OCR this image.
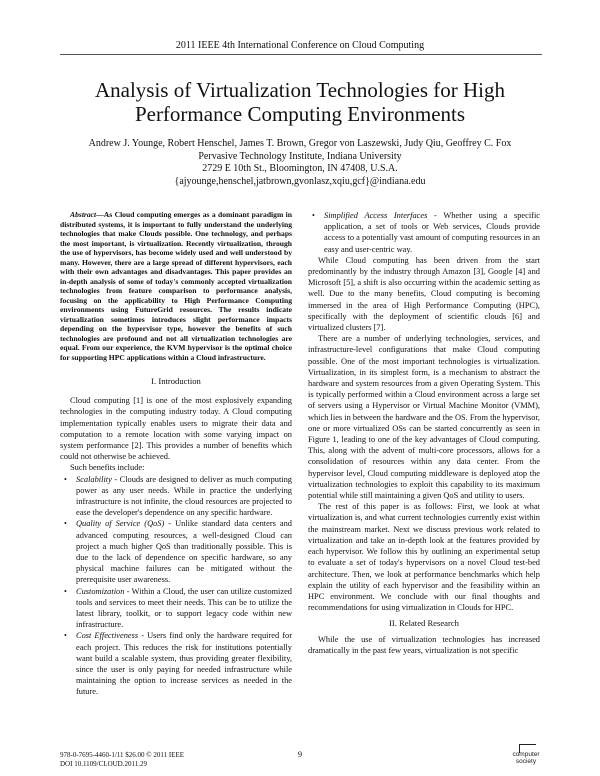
2011 IEEE 4th International Conference on Cloud Computing
Analysis of Virtualization Technologies for High
Performance Computing Environments
Andrew J. Younge, Robert Henschel, James T. Brown, Gregor von Laszewski, Judy Qiu, Geoffrey C. Fox
Pervasive Technology Institute, Indiana University
2729 E 10th St., Bloomington, IN 47408, U.S.A.
{ajyounge,henschel,jatbrown,gvonlasz,xqiu,gcf}@indiana.edu

Abstract—As Cloud computing emerges as a dominant paradigm in distributed systems, it is important to fully understand the underlying technologies that make Clouds possible. One technology, and perhaps the most important, is virtualization. Recently virtualization, through the use of hypervisors, has become widely used and well understood by many. However, there are a large spread of different hypervisors, each with their own advantages and disadvantages. This paper provides an in-depth analysis of some of today's commonly accepted virtualization technologies from feature comparison to performance analysis, focusing on the applicability to High Performance Computing environments using FutureGrid resources. The results indicate virtualization sometimes introduces slight performance impacts depending on the hypervisor type, however the benefits of such technologies are profound and not all virtualization technologies are equal. From our experience, the KVM hypervisor is the optimal choice for supporting HPC applications within a Cloud infrastructure.

I. Introduction

Cloud computing [1] is one of the most explosively expanding technologies in the computing industry today. A Cloud computing implementation typically enables users to migrate their data and computation to a remote location with some varying impact on system performance [2]. This provides a number of benefits which could not otherwise be achieved.

Such benefits include:

• Scalability - Clouds are designed to deliver as much computing power as any user needs. While in practice the underlying infrastructure is not infinite, the cloud resources are projected to ease the developer's dependence on any specific hardware.

• Quality of Service (QoS) - Unlike standard data centers and advanced computing resources, a well-designed Cloud can project a much higher QoS than traditionally possible. This is due to the lack of dependence on specific hardware, so any physical machine failures can be mitigated without the prerequisite user awareness.

• Customization - Within a Cloud, the user can utilize customized tools and services to meet their needs. This can be to utilize the latest library, toolkit, or to support legacy code within new infrastructure.

• Cost Effectiveness - Users find only the hardware required for each project. This reduces the risk for institutions potentially want build a scalable system, thus providing greater flexibility, since the user is only paying for needed infrastructure while maintaining the option to increase services as needed in the future.

• Simplified Access Interfaces - Whether using a specific application, a set of tools or Web services, Clouds provide access to a potentially vast amount of computing resources in an easy and user-centric way.

While Cloud computing has been driven from the start predominantly by the industry through Amazon [3], Google [4] and Microsoft [5], a shift is also occurring within the academic setting as well. Due to the many benefits, Cloud computing is becoming immersed in the area of High Performance Computing (HPC), specifically with the deployment of scientific clouds [6] and virtualized clusters [7].

There are a number of underlying technologies, services, and infrastructure-level configurations that make Cloud computing possible. One of the most important technologies is virtualization. Virtualization, in its simplest form, is a mechanism to abstract the hardware and system resources from a given Operating System. This is typically performed within a Cloud environment across a large set of servers using a Hypervisor or Virtual Machine Monitor (VMM), which lies in between the hardware and the OS. From the hypervisor, one or more virtualized OSs can be started concurrently as seen in Figure 1, leading to one of the key advantages of Cloud computing. This, along with the advent of multi-core processors, allows for a consolidation of resources within any data center. From the hypervisor level, Cloud computing middleware is deployed atop the virtualization technologies to exploit this capability to its maximum potential while still maintaining a given QoS and utility to users.

The rest of this paper is as follows: First, we look at what virtualization is, and what current technologies currently exist within the mainstream market. Next we discuss previous work related to virtualization and take an in-depth look at the features provided by each hypervisor. We follow this by outlining an experimental setup to evaluate a set of today's hypervisors on a novel Cloud test-bed architecture. Then, we look at performance benchmarks which help explain the utility of each hypervisor and the feasibility within an HPC environment. We conclude with our final thoughts and recommendations for using virtualization in Clouds for HPC.

II. Related Research

While the use of virtualization technologies has increased dramatically in the past few years, virtualization is not specific

978-0-7695-4460-1/11 $26.00 © 2011 IEEE
DOI 10.1109/CLOUD.2011.29
9	computer
society
